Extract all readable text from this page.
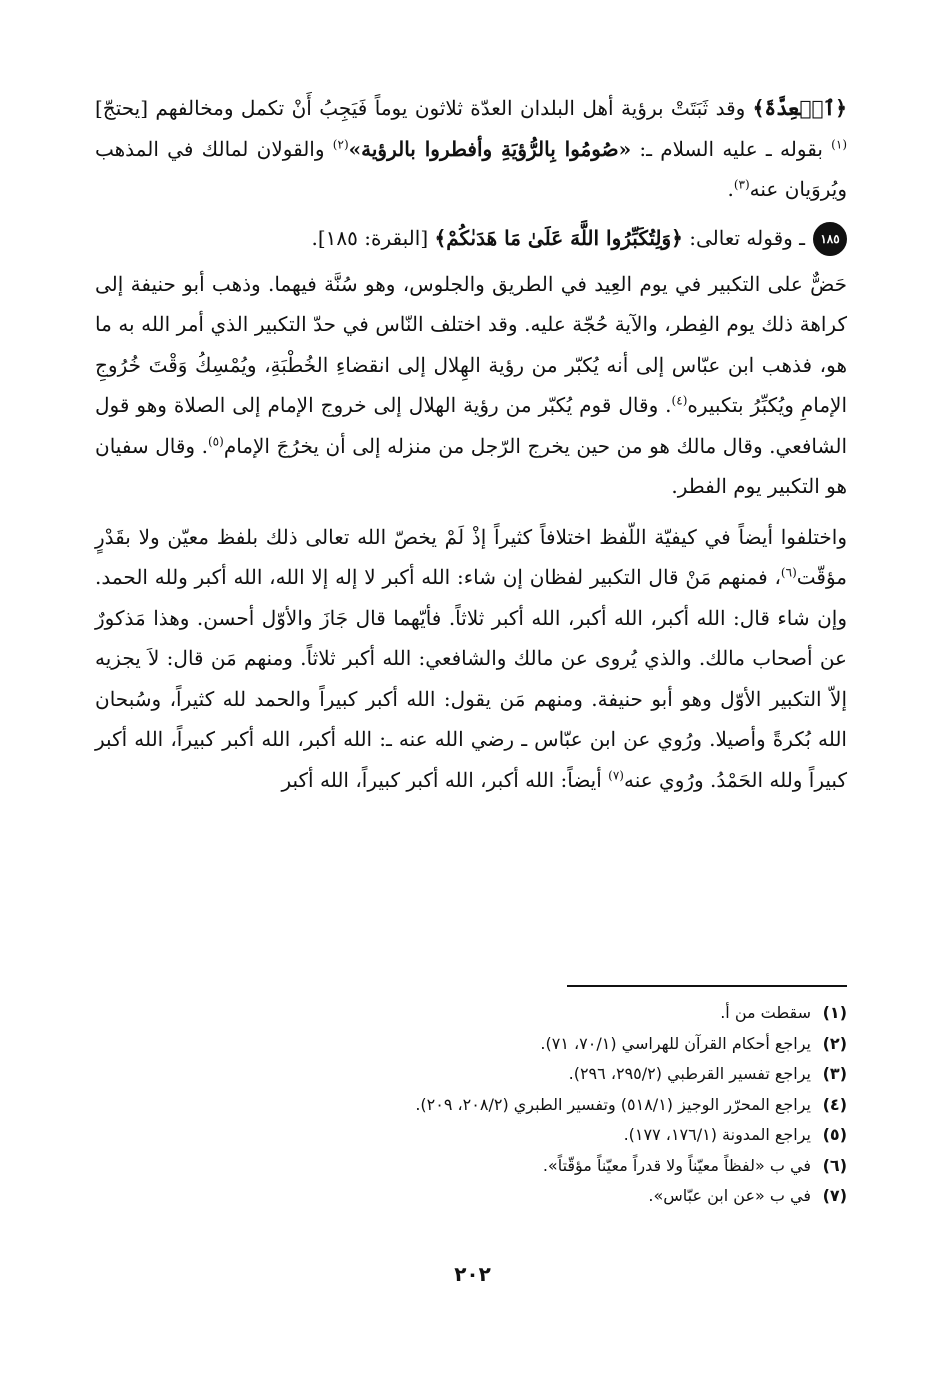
﴿ٱلۡعِدَّةَ﴾ وقد ثَبَتَتْ برؤية أهل البلدان العدّة ثلاثون يوماً فَيَجِبُ أَنْ تكمل ومخالفهم [يحتجّ]$^{(١)}$ بقوله ـ عليه السلام ـ: «صُومُوا بِالرُّؤيَةِ وأفطروا بالرؤية»$^{(٢)}$ والقولان لمالك في المذهب ويُروَيان عنه$^{(٣)}$.

١٨٥ـ وقوله تعالى: ﴿وَلِتُكَبِّرُوا اللَّهَ عَلَىٰ مَا هَدَىٰكُمْ﴾ [البقرة: ١٨٥].

حَضٌّ على التكبير في يوم العِيد في الطريق والجلوس، وهو سُنَّة فيهما. وذهب أبو حنيفة إلى كراهة ذلك يوم الفِطر، والآية حُجّة عليه. وقد اختلف النّاس في حدّ التكبير الذي أمر الله به ما هو، فذهب ابن عبّاس إلى أنه يُكبّر من رؤية الهِلال إلى انقضاءِ الخُطْبَةِ، ويُمْسِكُ وَقْتَ خُرُوجِ الإمامِ ويُكبِّرُ بتكبيره$^{(٤)}$. وقال قوم يُكبّر من رؤية الهلال إلى خروج الإمام إلى الصلاة وهو قول الشافعي. وقال مالك هو من حين يخرج الرّجل من منزله إلى أن يخرُجَ الإمام$^{(٥)}$. وقال سفيان هو التكبير يوم الفطر.

واختلفوا أيضاً في كيفيّة اللّفظ اختلافاً كثيراً إذْ لَمْ يخصّ الله تعالى ذلك بلفظ معيّن ولا بقَدْرٍ مؤقّت$^{(٦)}$، فمنهم مَنْ قال التكبير لفظان إن شاء: الله أكبر لا إله إلا الله، الله أكبر ولله الحمد. وإن شاء قال: الله أكبر، الله أكبر، الله أكبر ثلاثاً. فأيّهما قال جَازَ والأوّل أحسن. وهذا مَذكورٌ عن أصحاب مالك. والذي يُروى عن مالك والشافعي: الله أكبر ثلاثاً. ومنهم مَن قال: لاَ يجزيه إلاّ التكبير الأوّل وهو أبو حنيفة. ومنهم مَن يقول: الله أكبر كبيراً والحمد لله كثيراً، وسُبحان الله بُكرةً وأصيلا. ورُوي عن ابن عبّاس ـ رضي الله عنه ـ: الله أكبر، الله أكبر كبيراً، الله أكبر كبيراً ولله الحَمْدُ. ورُوي عنه$^{(٧)}$ أيضاً: الله أكبر، الله أكبر كبيراً، الله أكبر

(١)
سقطت من أ.
(٢)
يراجع أحكام القرآن للهراسي (٧٠/١، ٧١).
(٣)
يراجع تفسير القرطبي (٢٩٥/٢، ٢٩٦).
(٤)
يراجع المحرّر الوجيز (٥١٨/١) وتفسير الطبري (٢٠٨/٢، ٢٠٩).
(٥)
يراجع المدونة (١٧٦/١، ١٧٧).
(٦)
في ب «لفظاً معيّناً ولا قدراً معيّناً مؤقّتاً».
(٧)
في ب «عن ابن عبّاس».
٢٠٢
